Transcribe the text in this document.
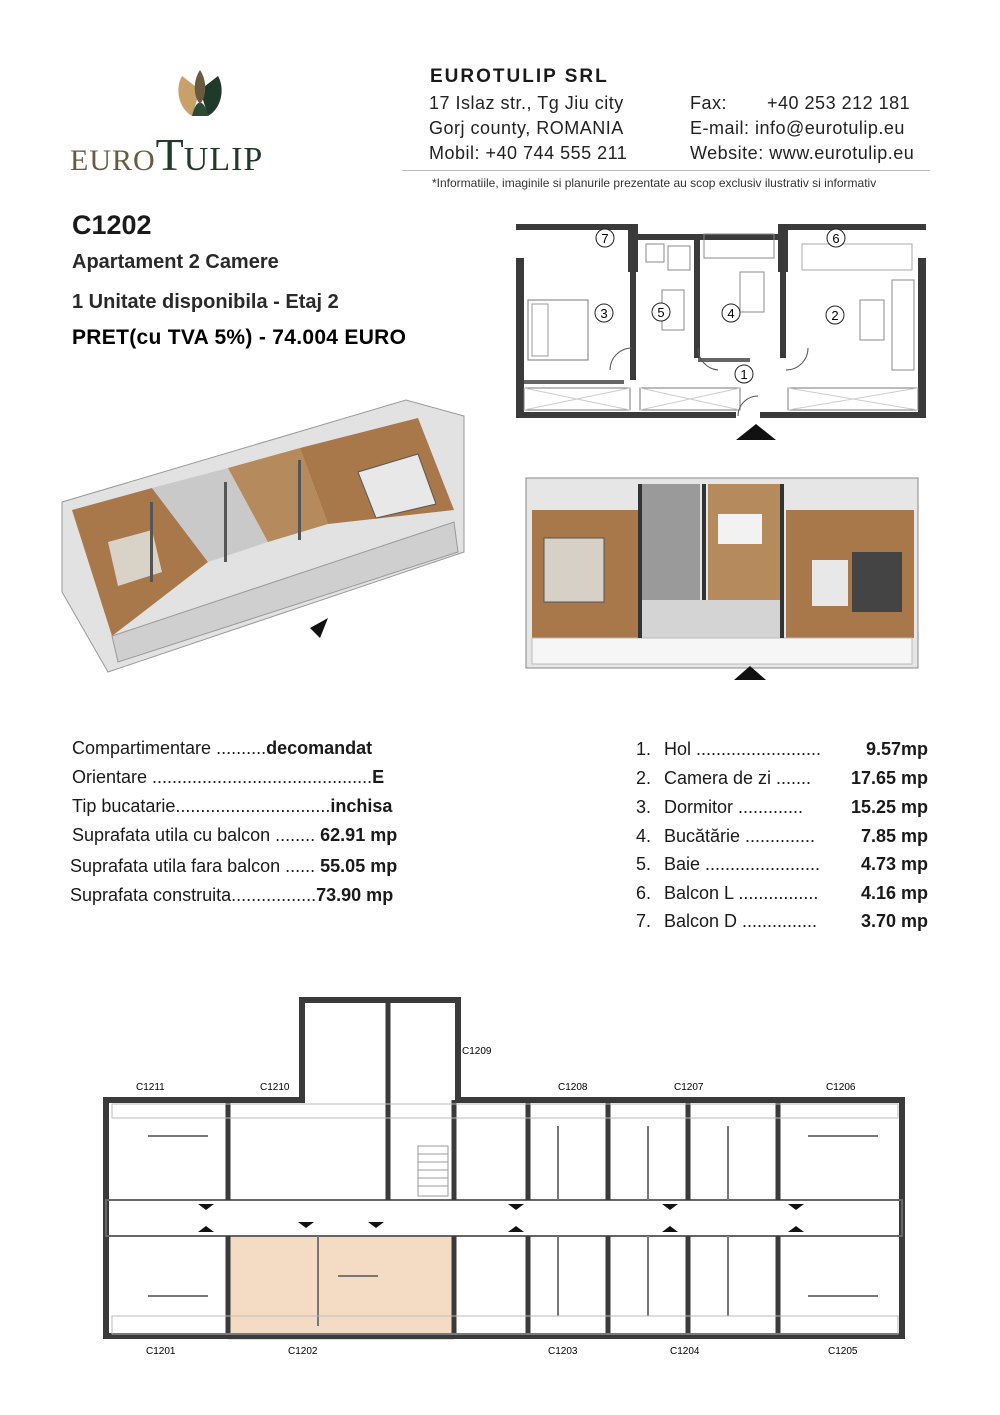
EUROTULIP
EUROTULIP SRL
17 Islaz str., Tg Jiu city
Gorj county, ROMANIA
Mobil: +40 744 555 211
Fax: +40 253 212 181
E-mail: info@eurotulip.eu
Website: www.eurotulip.eu
*Informatiile, imaginile si planurile prezentate au scop exclusiv ilustrativ si informativ
C1202
Apartament 2 Camere
1 Unitate disponibila - Etaj 2
PRET(cu TVA 5%) - 74.004 EURO
1
2
3	4
5
6
7
Compartimentare ..........decomandat
Orientare ............................................E
Tip bucatarie...............................inchisa
Suprafata utila cu balcon ........ 62.91 mp
Suprafata utila fara balcon ...... 55.05 mp
Suprafata construita.................73.90 mp
1. Hol ......................... 9.57mp
2. Camera de zi ....... 17.65 mp
3. Dormitor .............	15.25 mp
4. Bucătărie ..............	7.85 mp
5. Baie ....................... 4.73 mp
6. Balcon L ................ 4.16 mp
7. Balcon D ............... 3.70 mp
C1211	C1210
C1209
C1208	C1207	C1206
C1201	C1202	C1203	C1204	C1205
